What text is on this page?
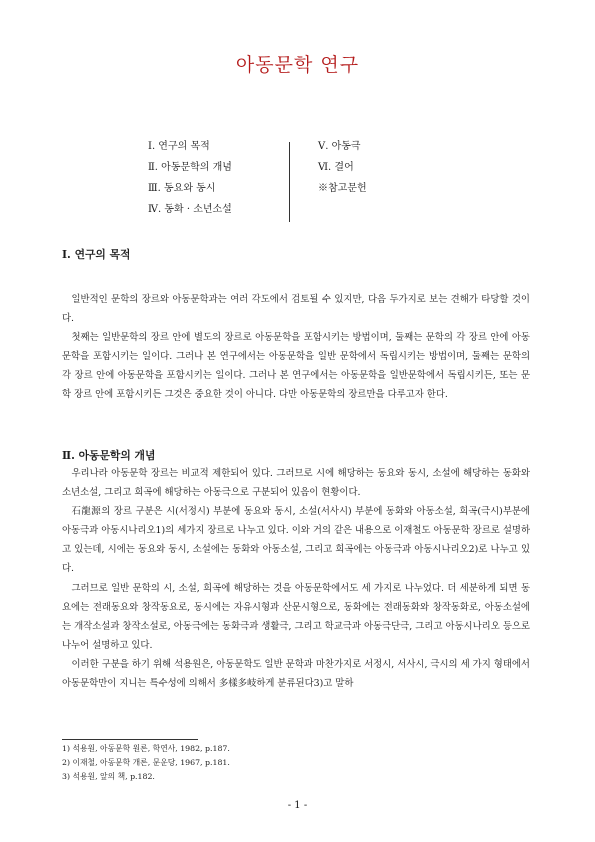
아동문학 연구
Ⅰ. 연구의 목적
Ⅱ. 아동문학의 개념
Ⅲ. 동요와 동시
Ⅳ. 동화 · 소년소설
Ⅴ. 아동극
Ⅵ. 결어
※참고문헌
Ⅰ. 연구의 목적

일반적인 문학의 장르와 아동문학과는 여러 각도에서 검토될 수 있지만, 다음 두가지로 보는 견해가 타당할 것이다.

첫째는 일반문학의 장르 안에 별도의 장르로 아동문학을 포함시키는 방법이며, 둘째는 문학의 각 장르 안에 아동문학을 포함시키는 일이다. 그러나 본 연구에서는 아동문학을 일반 문학에서 독립시키는 방법이며, 둘째는 문학의 각 장르 안에 아동문학을 포함시키는 일이다. 그러나 본 연구에서는 아동문학을 일반문학에서 독립시키든, 또는 문학 장르 안에 포함시키든 그것은 중요한 것이 아니다. 다만 아동문학의 장르만을 다루고자 한다.

Ⅱ. 아동문학의 개념

우리나라 아동문학 장르는 비교적 제한되어 있다. 그러므로 시에 해당하는 동요와 동시, 소설에 해당하는 동화와 소년소설, 그리고 희곡에 해당하는 아동극으로 구분되어 있음이 현황이다.

石龍源의 장르 구분은 시(서정시) 부분에 동요와 동시, 소설(서사시) 부분에 동화와 아동소설, 희곡(극시)부분에 아동극과 아동시나리오1)의 세가지 장르로 나누고 있다. 이와 거의 같은 내용으로 이재철도 아동문학 장르로 설명하고 있는데, 시에는 동요와 동시, 소설에는 동화와 아동소설, 그리고 희곡에는 아동극과 아동시나리오2)로 나누고 있다.

그러므로 일반 문학의 시, 소설, 희곡에 해당하는 것을 아동문학에서도 세 가지로 나누었다. 더 세분하게 되면 동요에는 전래동요와 창작동요로, 동시에는 자유시형과 산문시형으로, 동화에는 전래동화와 창작동화로, 아동소설에는 개작소설과 창작소설로, 아동극에는 동화극과 생활극, 그리고 학교극과 아동극단극, 그리고 아동시나리오 등으로 나누어 설명하고 있다.

이러한 구분을 하기 위해 석용원은, 아동문학도 일반 문학과 마찬가지로 서정시, 서사시, 극시의 세 가지 형태에서 아동문학만이 지니는 특수성에 의해서 多樣多岐하게 분류된다3)고 말하

1) 석용원, 아동문학 원론, 학연사, 1982, p.187.
2) 이재철, 아동문학 개론, 문운당, 1967, p.181.
3) 석용원, 앞의 책, p.182.
- 1 -
